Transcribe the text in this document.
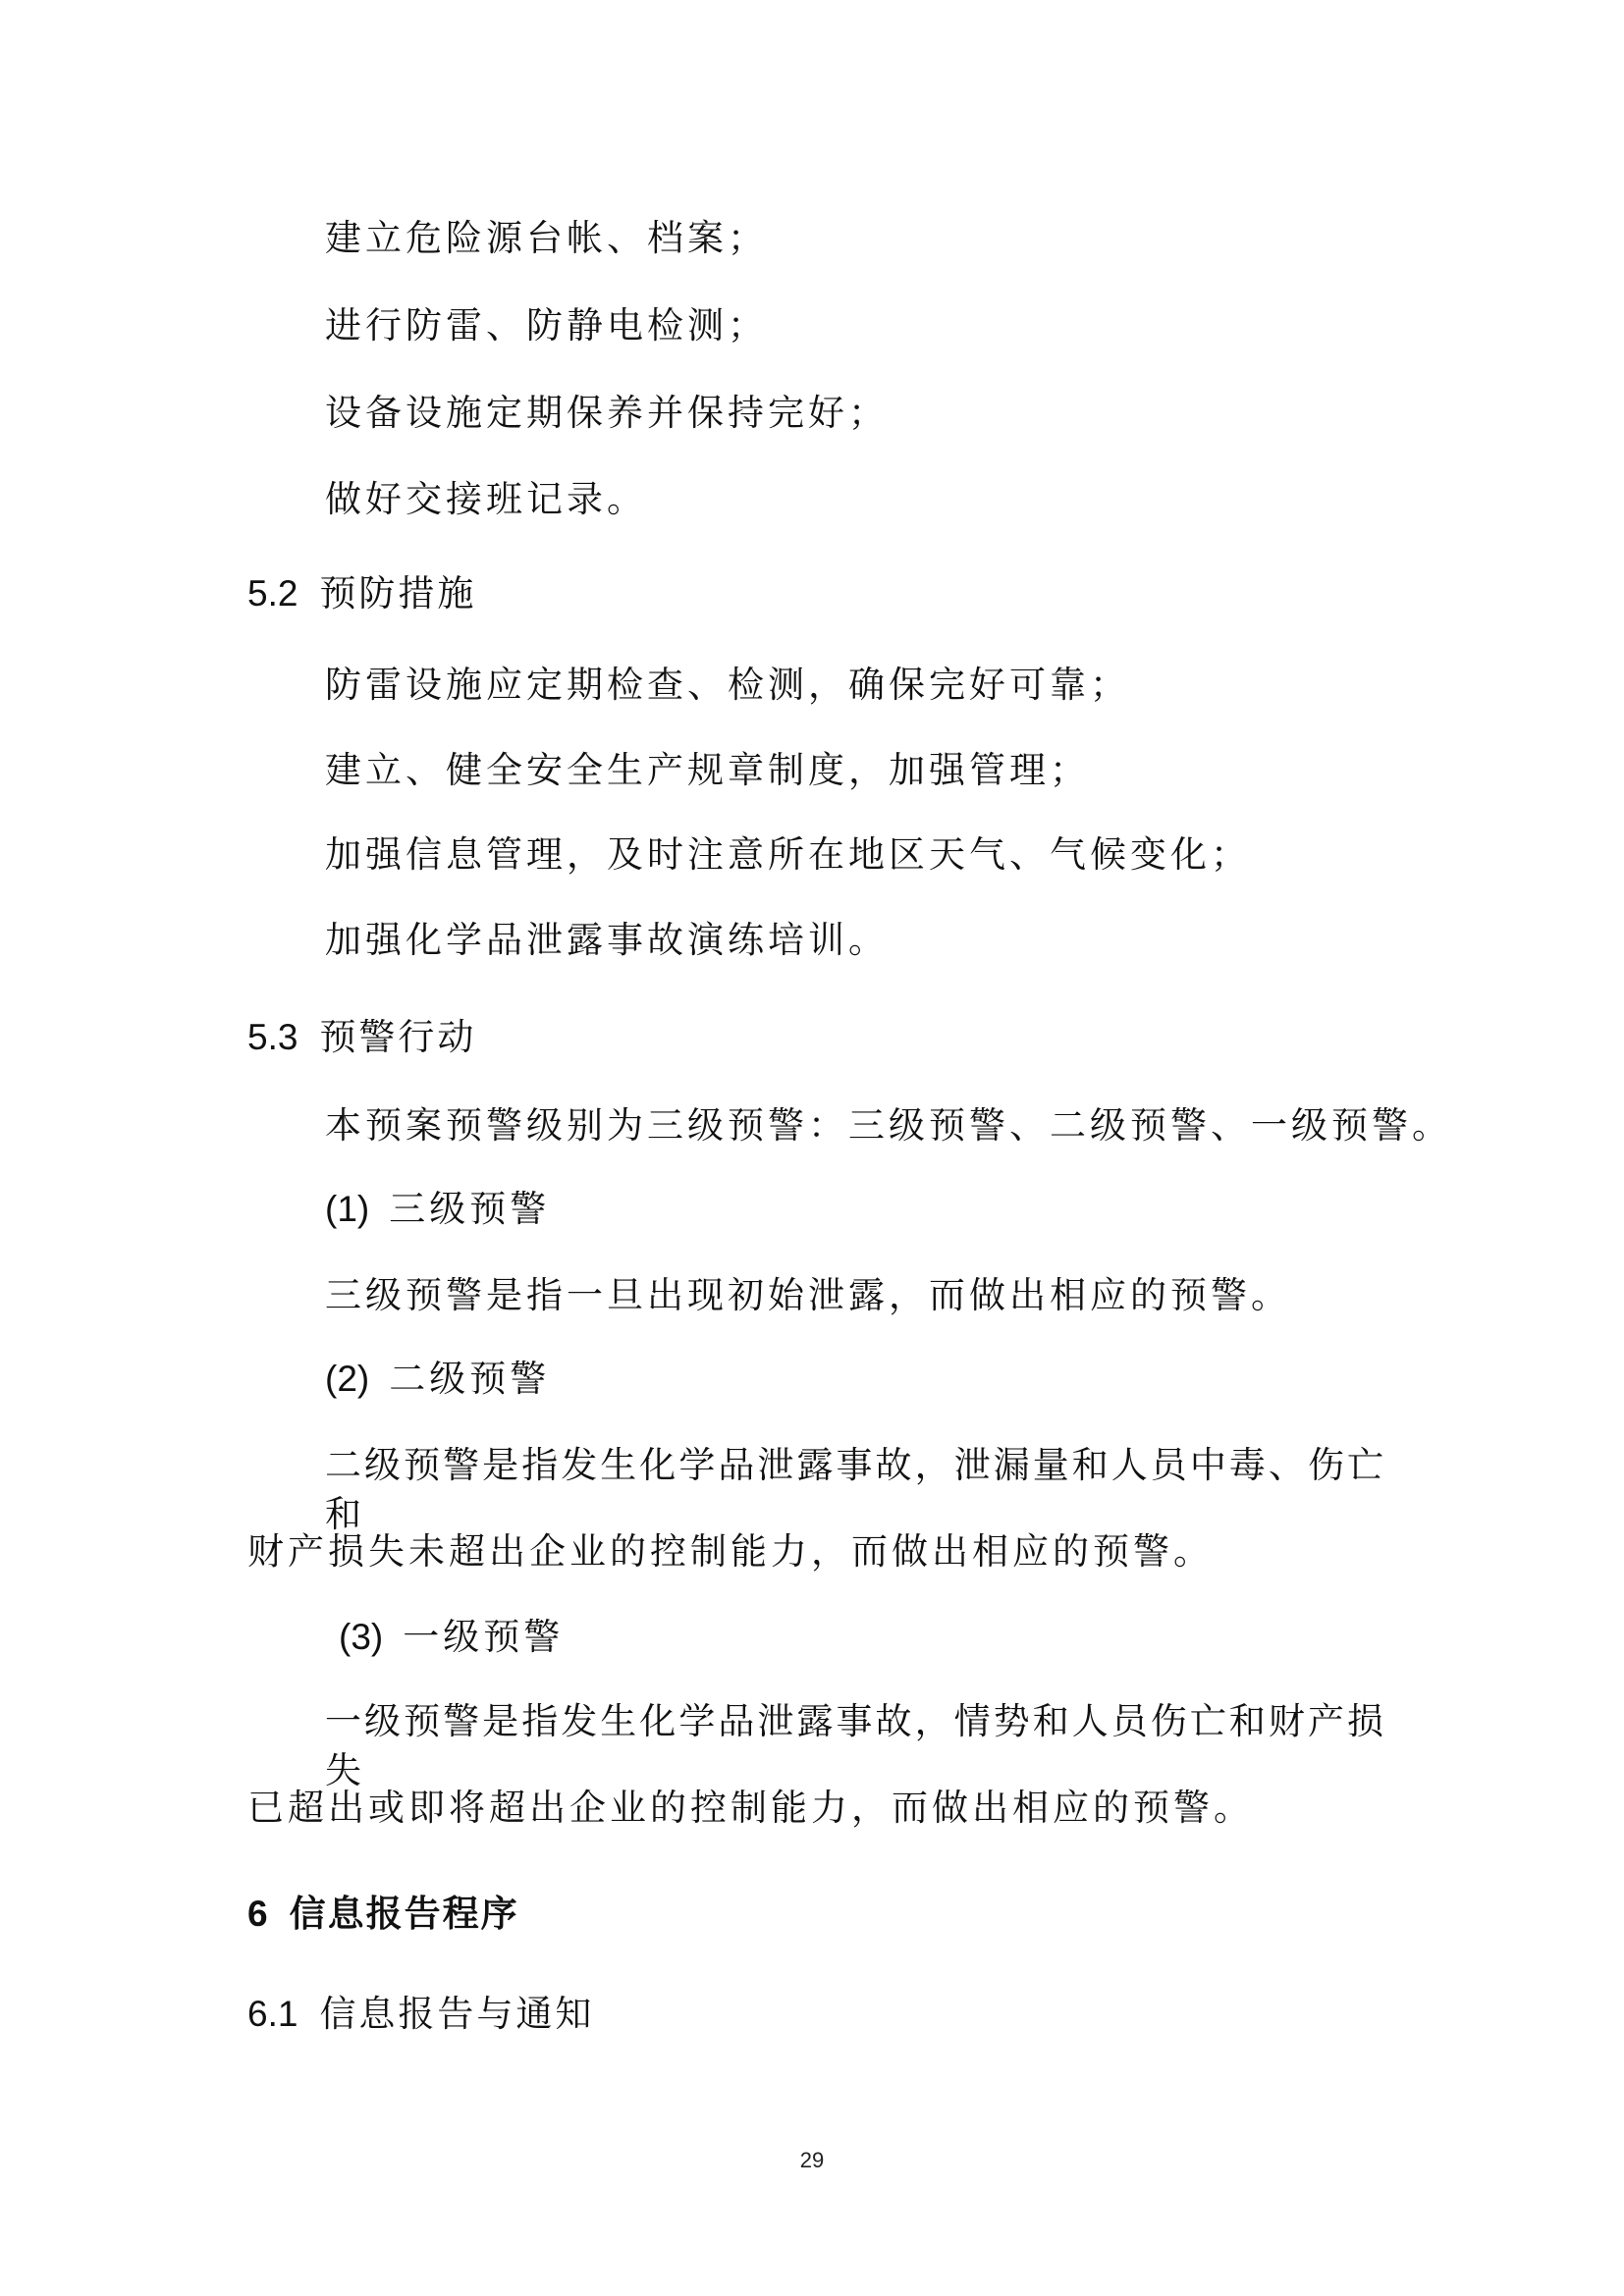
建立危险源台帐、档案；
进行防雷、防静电检测；
设备设施定期保养并保持完好；
做好交接班记录。
5.2 预防措施
防雷设施应定期检查、检测，确保完好可靠；
建立、健全安全生产规章制度，加强管理；
加强信息管理，及时注意所在地区天气、气候变化；
加强化学品泄露事故演练培训。
5.3 预警行动
本预案预警级别为三级预警：三级预警、二级预警、一级预警。
(1) 三级预警
三级预警是指一旦出现初始泄露，而做出相应的预警。
(2) 二级预警
二级预警是指发生化学品泄露事故，泄漏量和人员中毒、伤亡和
财产损失未超出企业的控制能力，而做出相应的预警。
(3) 一级预警
一级预警是指发生化学品泄露事故，情势和人员伤亡和财产损失
已超出或即将超出企业的控制能力，而做出相应的预警。
6 信息报告程序
6.1 信息报告与通知
29
